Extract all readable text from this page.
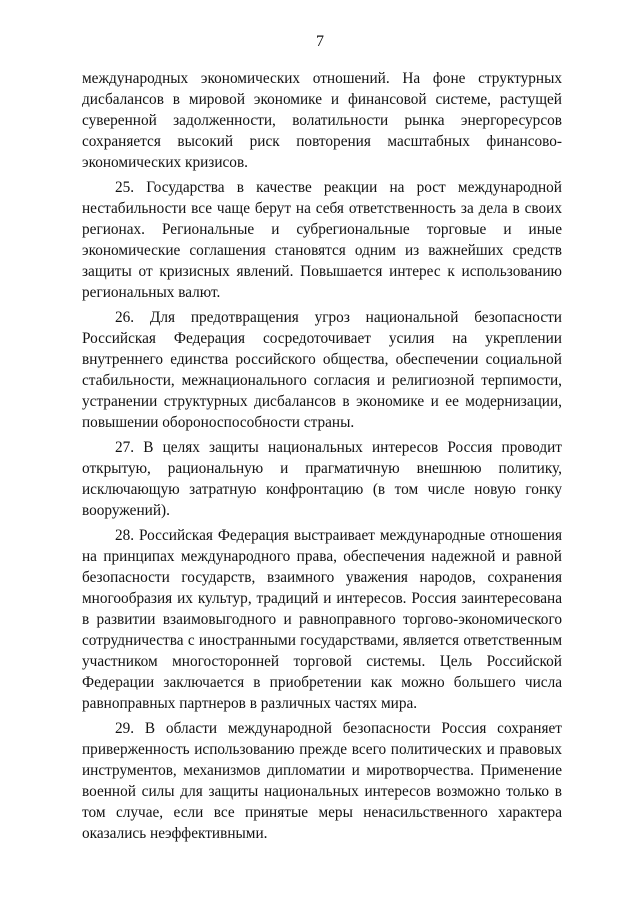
7

международных экономических отношений. На фоне структурных дисбалансов в мировой экономике и финансовой системе, растущей суверенной задолженности, волатильности рынка энергоресурсов сохраняется высокий риск повторения масштабных финансово-экономических кризисов.

25. Государства в качестве реакции на рост международной нестабильности все чаще берут на себя ответственность за дела в своих регионах. Региональные и субрегиональные торговые и иные экономические соглашения становятся одним из важнейших средств защиты от кризисных явлений. Повышается интерес к использованию региональных валют.

26. Для предотвращения угроз национальной безопасности Российская Федерация сосредоточивает усилия на укреплении внутреннего единства российского общества, обеспечении социальной стабильности, межнационального согласия и религиозной терпимости, устранении структурных дисбалансов в экономике и ее модернизации, повышении обороноспособности страны.

27. В целях защиты национальных интересов Россия проводит открытую, рациональную и прагматичную внешнюю политику, исключающую затратную конфронтацию (в том числе новую гонку вооружений).

28. Российская Федерация выстраивает международные отношения на принципах международного права, обеспечения надежной и равной безопасности государств, взаимного уважения народов, сохранения многообразия их культур, традиций и интересов. Россия заинтересована в развитии взаимовыгодного и равноправного торгово-экономического сотрудничества с иностранными государствами, является ответственным участником многосторонней торговой системы. Цель Российской Федерации заключается в приобретении как можно большего числа равноправных партнеров в различных частях мира.

29. В области международной безопасности Россия сохраняет приверженность использованию прежде всего политических и правовых инструментов, механизмов дипломатии и миротворчества. Применение военной силы для защиты национальных интересов возможно только в том случае, если все принятые меры ненасильственного характера оказались неэффективными.
